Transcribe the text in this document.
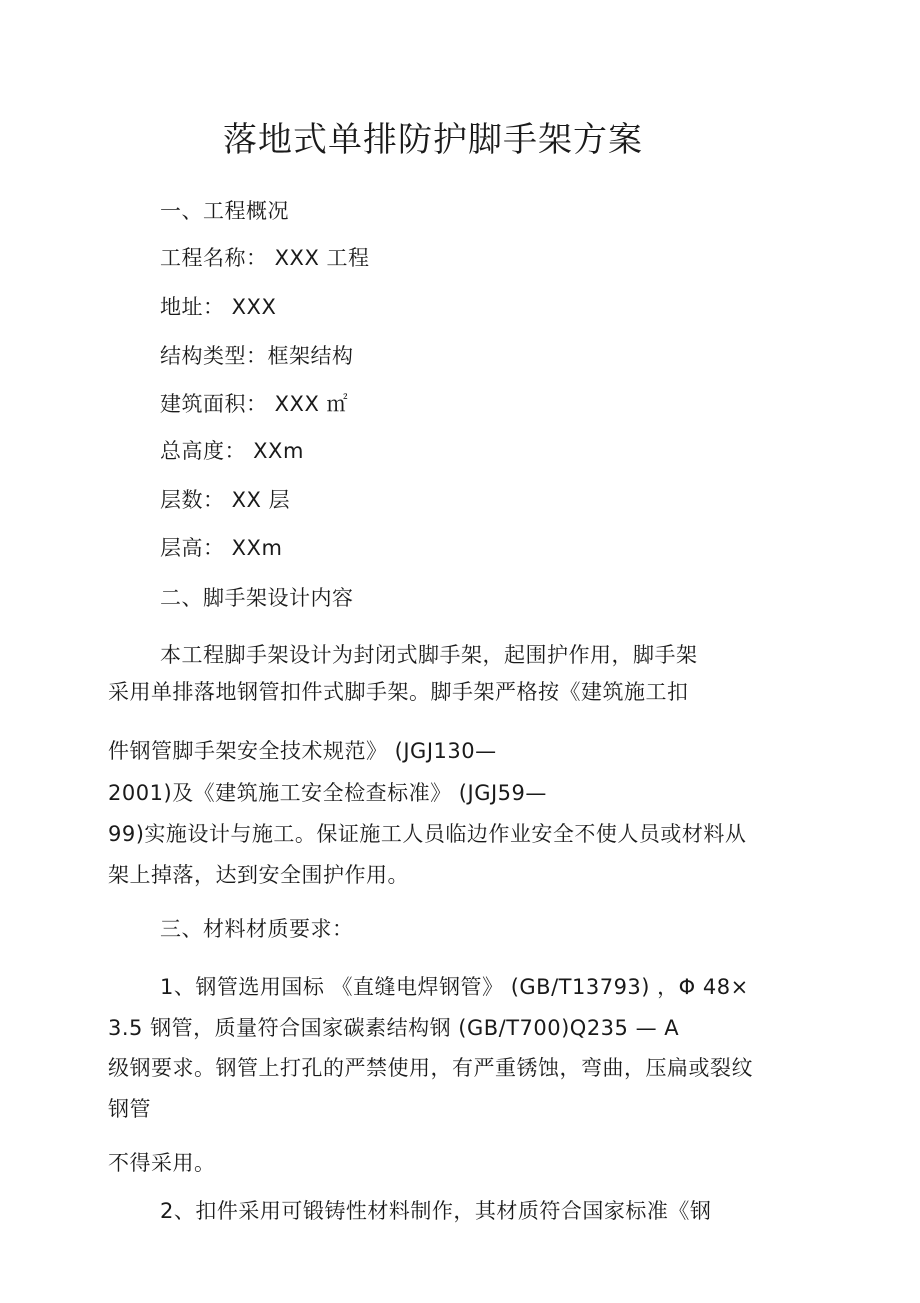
落地式单排防护脚手架方案
一、工程概况
工程名称： XXX 工程
地址： XXX
结构类型：框架结构
建筑面积： XXX ㎡
总高度： XXm
层数： XX 层
层高： XXm
二、脚手架设计内容
本工程脚手架设计为封闭式脚手架，起围护作用，脚手架
采用单排落地钢管扣件式脚手架。脚手架严格按《建筑施工扣
件钢管脚手架安全技术规范》 (JGJ130—
2001)及《建筑施工安全检查标准》 (JGJ59—
99)实施设计与施工。保证施工人员临边作业安全不使人员或材料从
架上掉落，达到安全围护作用。
三、材料材质要求：
1、钢管选用国标 《直缝电焊钢管》 (GB/T13793) ，Φ 48×
3.5 钢管，质量符合国家碳素结构钢 (GB/T700)Q235 — A
级钢要求。钢管上打孔的严禁使用，有严重锈蚀，弯曲，压扁或裂纹
钢管
不得采用。
2、扣件采用可锻铸性材料制作，其材质符合国家标准《钢
